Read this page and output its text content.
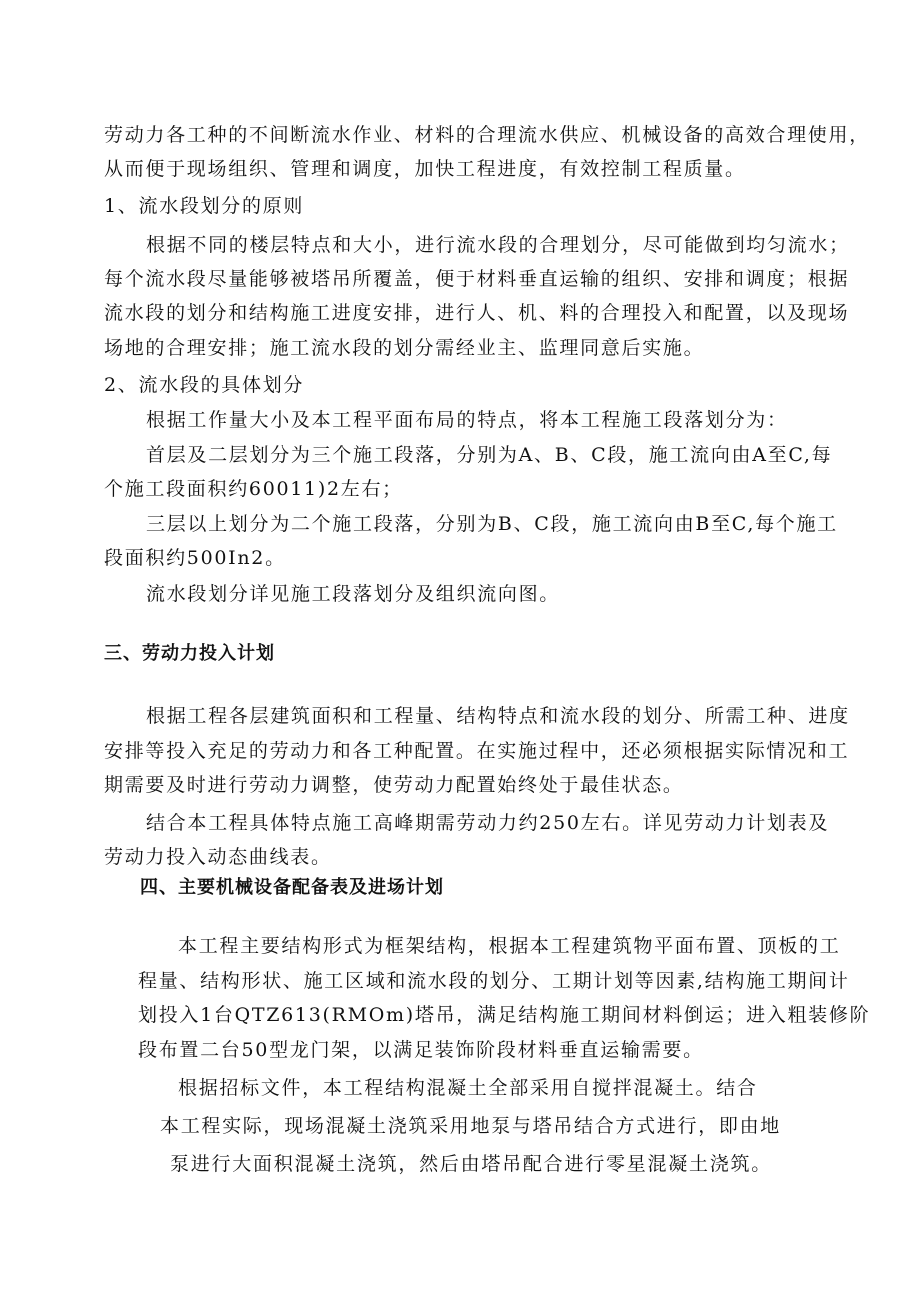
劳动力各工种的不间断流水作业、材料的合理流水供应、机械设备的高效合理使用，
从而便于现场组织、管理和调度，加快工程进度，有效控制工程质量。
1、流水段划分的原则
根据不同的楼层特点和大小，进行流水段的合理划分，尽可能做到均匀流水；
每个流水段尽量能够被塔吊所覆盖，便于材料垂直运输的组织、安排和调度；根据
流水段的划分和结构施工进度安排，进行人、机、料的合理投入和配置，以及现场
场地的合理安排；施工流水段的划分需经业主、监理同意后实施。
2、流水段的具体划分
根据工作量大小及本工程平面布局的特点，将本工程施工段落划分为：
首层及二层划分为三个施工段落，分别为A、B、C段，施工流向由A至C,每
个施工段面积约60011)2左右；
三层以上划分为二个施工段落，分别为B、C段，施工流向由B至C,每个施工
段面积约500In2。
流水段划分详见施工段落划分及组织流向图。
三、劳动力投入计划
根据工程各层建筑面积和工程量、结构特点和流水段的划分、所需工种、进度
安排等投入充足的劳动力和各工种配置。在实施过程中，还必须根据实际情况和工
期需要及时进行劳动力调整，使劳动力配置始终处于最佳状态。
结合本工程具体特点施工高峰期需劳动力约250左右。详见劳动力计划表及
劳动力投入动态曲线表。
四、主要机械设备配备表及进场计划
本工程主要结构形式为框架结构，根据本工程建筑物平面布置、顶板的工
程量、结构形状、施工区域和流水段的划分、工期计划等因素,结构施工期间计
划投入1台QTZ613(RMOm)塔吊，满足结构施工期间材料倒运；进入粗装修阶
段布置二台50型龙门架，以满足装饰阶段材料垂直运输需要。
根据招标文件，本工程结构混凝土全部采用自搅拌混凝土。结合
本工程实际，现场混凝土浇筑采用地泵与塔吊结合方式进行，即由地
泵进行大面积混凝土浇筑，然后由塔吊配合进行零星混凝土浇筑。
